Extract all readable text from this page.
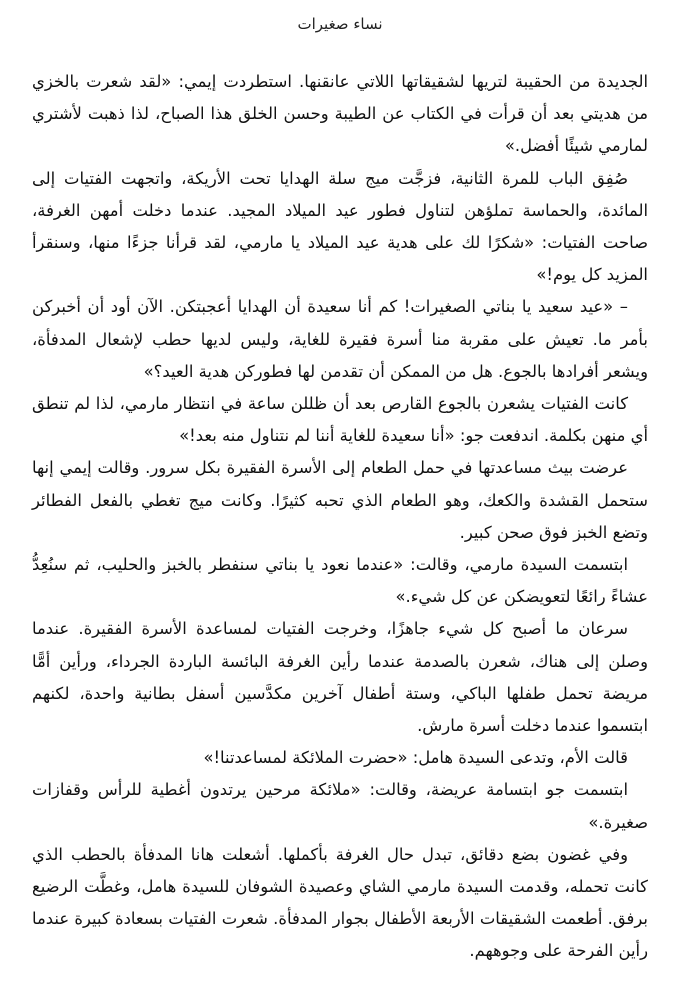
نساء صغيرات

الجديدة من الحقيبة لتريها لشقيقاتها اللاتي عانقنها. استطردت إيمي: «لقد شعرت بالخزي من هديتي بعد أن قرأت في الكتاب عن الطيبة وحسن الخلق هذا الصباح، لذا ذهبت لأشتري لمارمي شيئًا أفضل.»

صُفِق الباب للمرة الثانية، فزجَّت ميج سلة الهدايا تحت الأريكة، واتجهت الفتيات إلى المائدة، والحماسة تملؤهن لتناول فطور عيد الميلاد المجيد. عندما دخلت أمهن الغرفة، صاحت الفتيات: «شكرًا لك على هدية عيد الميلاد يا مارمي، لقد قرأنا جزءًا منها، وسنقرأ المزيد كل يوم!»

– «عيد سعيد يا بناتي الصغيرات! كم أنا سعيدة أن الهدايا أعجبتكن. الآن أود أن أخبركن بأمر ما. تعيش على مقربة منا أسرة فقيرة للغاية، وليس لديها حطب لإشعال المدفأة، ويشعر أفرادها بالجوع. هل من الممكن أن تقدمن لها فطوركن هدية العيد؟»

كانت الفتيات يشعرن بالجوع القارص بعد أن ظللن ساعة في انتظار مارمي، لذا لم تنطق أي منهن بكلمة. اندفعت جو: «أنا سعيدة للغاية أننا لم نتناول منه بعد!»

عرضت بيث مساعدتها في حمل الطعام إلى الأسرة الفقيرة بكل سرور. وقالت إيمي إنها ستحمل القشدة والكعك، وهو الطعام الذي تحبه كثيرًا. وكانت ميج تغطي بالفعل الفطائر وتضع الخبز فوق صحن كبير.

ابتسمت السيدة مارمي، وقالت: «عندما نعود يا بناتي سنفطر بالخبز والحليب، ثم سنُعِدُّ عشاءً رائعًا لتعويضكن عن كل شيء.»

سرعان ما أصبح كل شيء جاهزًا، وخرجت الفتيات لمساعدة الأسرة الفقيرة. عندما وصلن إلى هناك، شعرن بالصدمة عندما رأين الغرفة البائسة الباردة الجرداء، ورأين أمًّا مريضة تحمل طفلها الباكي، وستة أطفال آخرين مكدَّسين أسفل بطانية واحدة، لكنهم ابتسموا عندما دخلت أسرة مارش.

قالت الأم، وتدعى السيدة هامل: «حضرت الملائكة لمساعدتنا!»

ابتسمت جو ابتسامة عريضة، وقالت: «ملائكة مرحين يرتدون أغطية للرأس وقفازات صغيرة.»

وفي غضون بضع دقائق، تبدل حال الغرفة بأكملها. أشعلت هانا المدفأة بالحطب الذي كانت تحمله، وقدمت السيدة مارمي الشاي وعصيدة الشوفان للسيدة هامل، وغطَّت الرضيع برفق. أطعمت الشقيقات الأربعة الأطفال بجوار المدفأة. شعرت الفتيات بسعادة كبيرة عندما رأين الفرحة على وجوههم.
